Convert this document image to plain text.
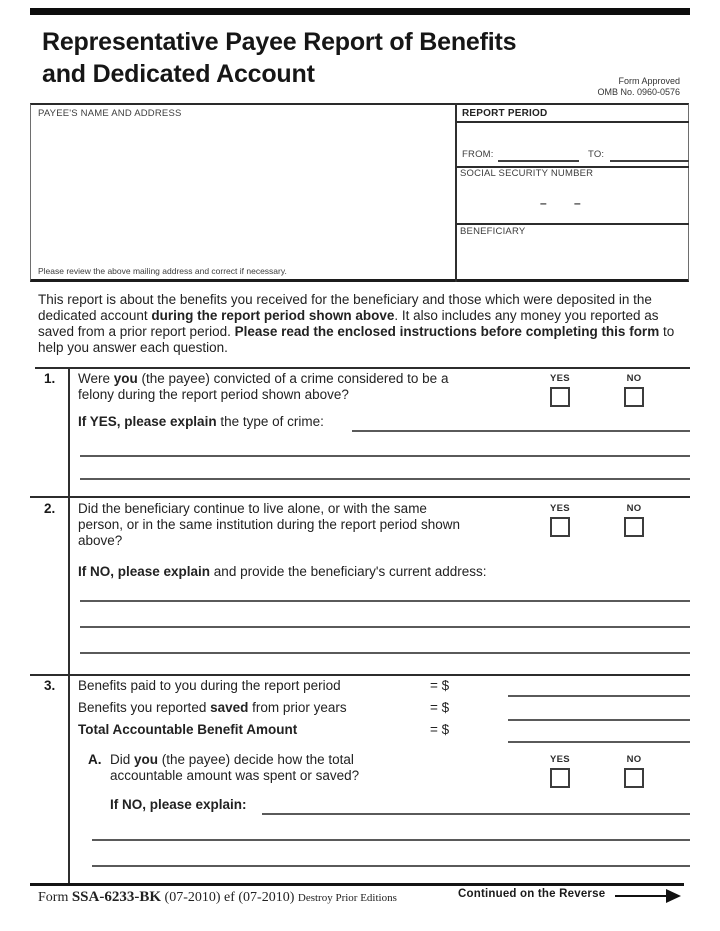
Representative Payee Report of Benefits
and Dedicated Account	Form Approved
OMB No. 0960-0576
PAYEE'S NAME AND ADDRESS
Please review the above mailing address and correct if necessary.
REPORT PERIOD
FROM:	TO:
SOCIAL SECURITY NUMBER
– –
BENEFICIARY
This report is about the benefits you received for the beneficiary and those which were deposited in the dedicated account during the report period shown above. It also includes any money you reported as saved from a prior report period. Please read the enclosed instructions before completing this form to help you answer each question.
1. Were you (the payee) convicted of a crime considered to be a felony during the report period shown above?
YES	NO
If YES, please explain the type of crime:
2. Did the beneficiary continue to live alone, or with the same person, or in the same institution during the report period shown above?
YES	NO
If NO, please explain and provide the beneficiary's current address:
3. Benefits paid to you during the report period	= $
Benefits you reported saved from prior years	= $
Total Accountable Benefit Amount	= $
A. Did you (the payee) decide how the total accountable amount was spent or saved?
YES	NO
If NO, please explain:
Form SSA-6233-BK (07-2010) ef (07-2010) Destroy Prior Editions	Continued on the Reverse
